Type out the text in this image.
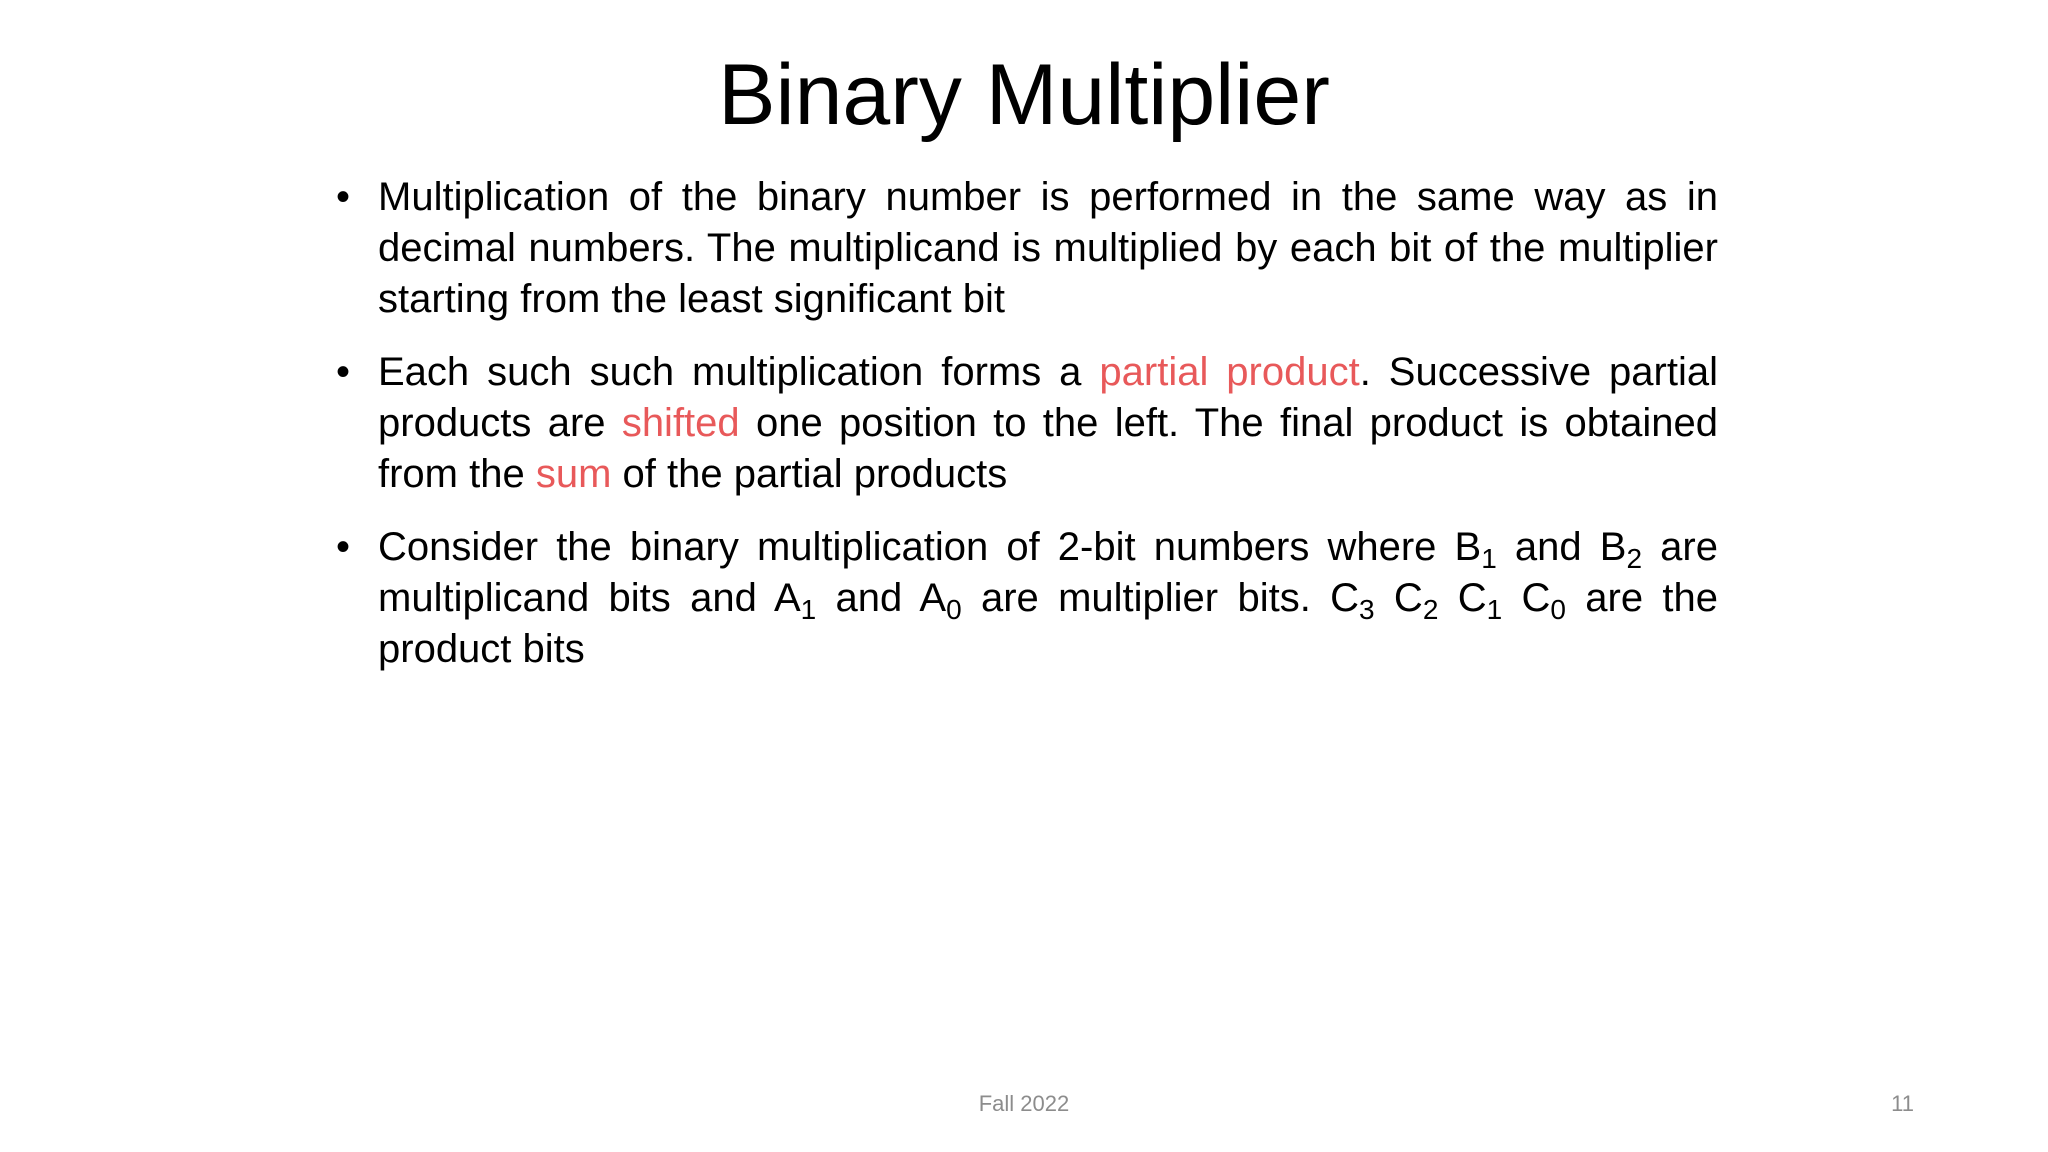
Binary Multiplier
• Multiplication of the binary number is performed in the same way as in decimal numbers. The multiplicand is multiplied by each bit of the multiplier starting from the least significant bit
• Each such such multiplication forms a partial product. Successive partial products are shifted one position to the left. The final product is obtained from the sum of the partial products
• Consider the binary multiplication of 2-bit numbers where $B_1$ and $B_2$ are multiplicand bits and $A_1$ and $A_0$ are multiplier bits. $C_3$ $C_2$ $C_1$ $C_0$ are the product bits
Fall 2022	11
